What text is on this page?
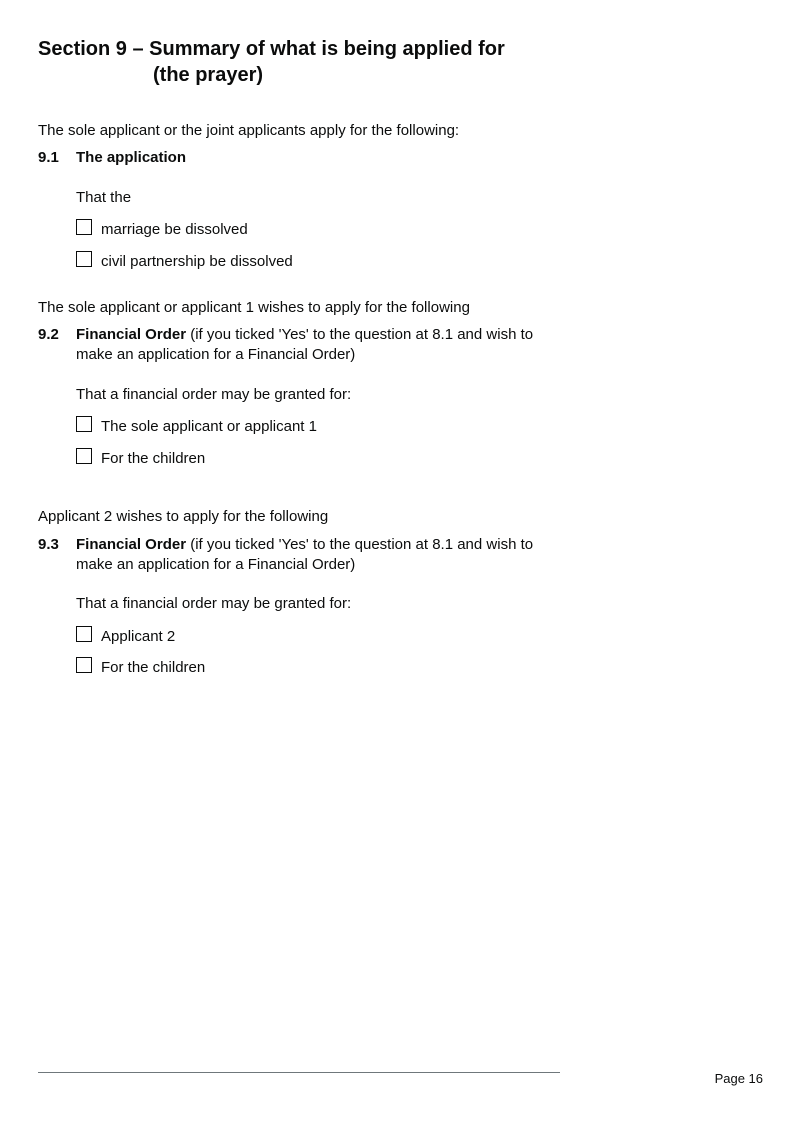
Section 9 – Summary of what is being applied for
(the prayer)
The sole applicant or the joint applicants apply for the following:
9.1 The application
That the
marriage be dissolved
civil partnership be dissolved
The sole applicant or applicant 1 wishes to apply for the following
9.2 Financial Order (if you ticked 'Yes' to the question at 8.1 and wish to make an application for a Financial Order)
That a financial order may be granted for:
The sole applicant or applicant 1
For the children
Applicant 2 wishes to apply for the following
9.3 Financial Order (if you ticked 'Yes' to the question at 8.1 and wish to make an application for a Financial Order)
That a financial order may be granted for:
Applicant 2
For the children
Page 16
